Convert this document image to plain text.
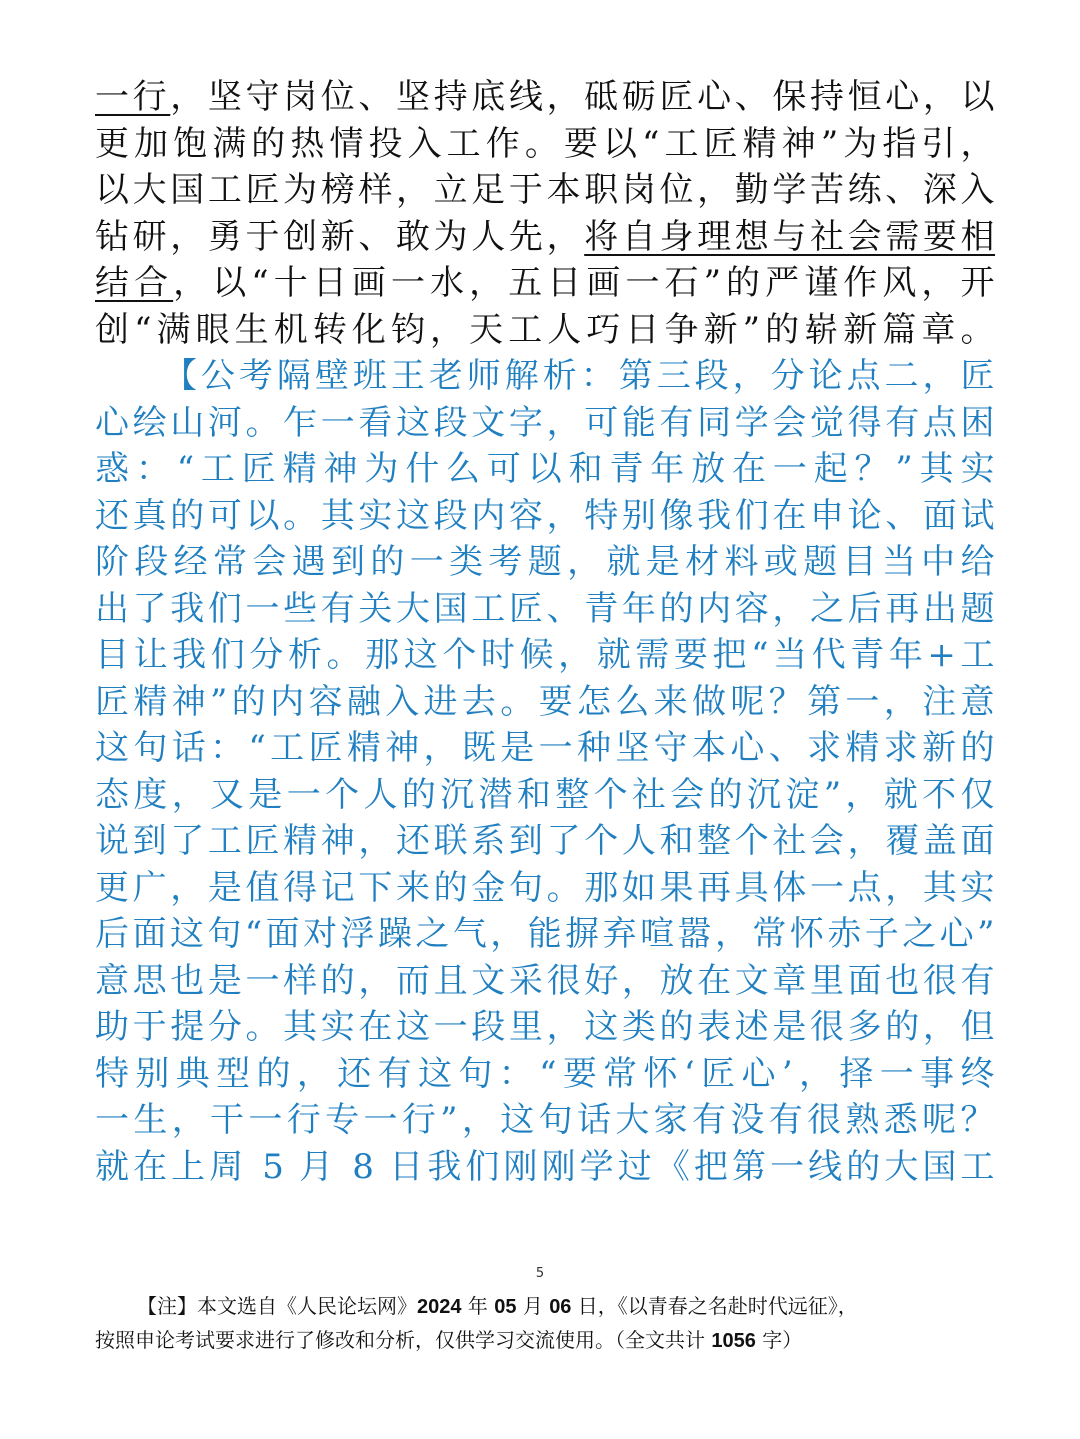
一行，坚守岗位、坚持底线，砥砺匠心、保持恒心，以
更加饱满的热情投入工作。要以“工匠精神”为指引，
以大国工匠为榜样，立足于本职岗位，勤学苦练、深入
钻研，勇于创新、敢为人先，将自身理想与社会需要相
结合，以“十日画一水，五日画一石”的严谨作风，开
创“满眼生机转化钧，天工人巧日争新”的崭新篇章。
【公考隔壁班王老师解析：第三段，分论点二，匠
心绘山河。乍一看这段文字，可能有同学会觉得有点困
惑：“工匠精神为什么可以和青年放在一起？”其实
还真的可以。其实这段内容，特别像我们在申论、面试
阶段经常会遇到的一类考题，就是材料或题目当中给
出了我们一些有关大国工匠、青年的内容，之后再出题
目让我们分析。那这个时候，就需要把“当代青年+工
匠精神”的内容融入进去。要怎么来做呢？第一，注意
这句话：“工匠精神，既是一种坚守本心、求精求新的
态度，又是一个人的沉潜和整个社会的沉淀”，就不仅
说到了工匠精神，还联系到了个人和整个社会，覆盖面
更广，是值得记下来的金句。那如果再具体一点，其实
后面这句“面对浮躁之气，能摒弃喧嚣，常怀赤子之心”
意思也是一样的，而且文采很好，放在文章里面也很有
助于提分。其实在这一段里，这类的表述是很多的，但
特别典型的，还有这句：“要常怀‘匠心’，择一事终
一生，干一行专一行”，这句话大家有没有很熟悉呢？
就在上周 5 月 8 日我们刚刚学过《把第一线的大国工
5
【注】本文选自《人民论坛网》2024 年 05 月 06 日，《以青春之名赴时代远征》，
按照申论考试要求进行了修改和分析，仅供学习交流使用。（全文共计 1056 字）
